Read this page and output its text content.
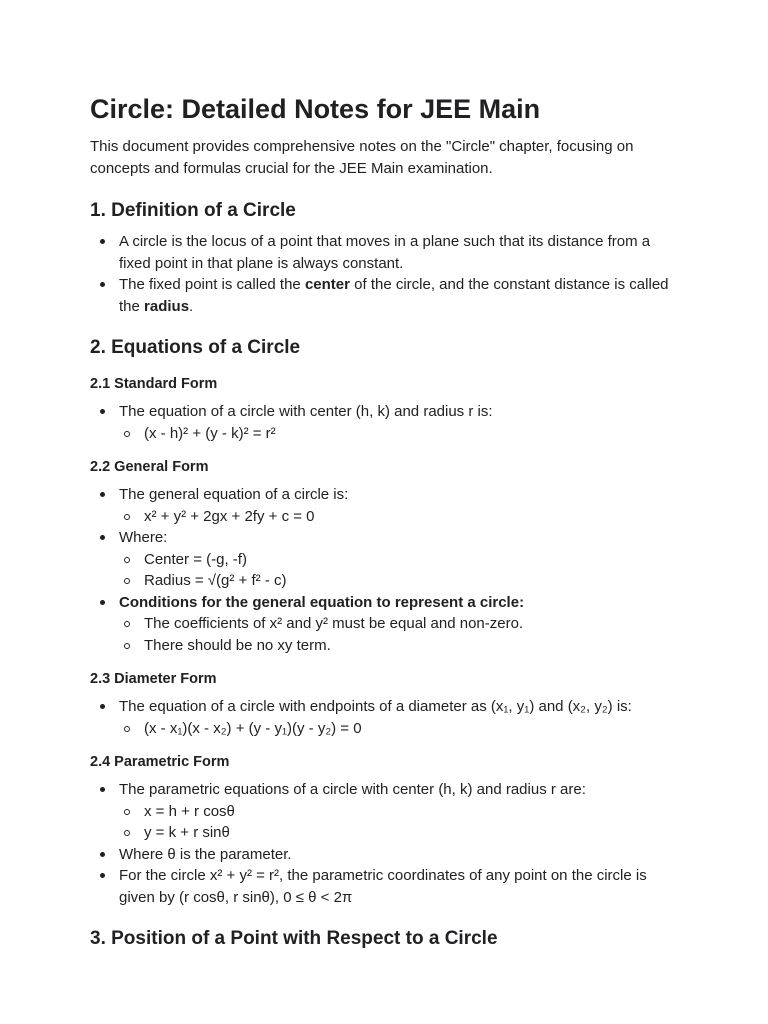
Circle: Detailed Notes for JEE Main

This document provides comprehensive notes on the "Circle" chapter, focusing on concepts and formulas crucial for the JEE Main examination.

1. Definition of a Circle
A circle is the locus of a point that moves in a plane such that its distance from a fixed point in that plane is always constant.
The fixed point is called the center of the circle, and the constant distance is called the radius.
2. Equations of a Circle
2.1 Standard Form
The equation of a circle with center (h, k) and radius r is:
(x - h)² + (y - k)² = r²
2.2 General Form
The general equation of a circle is:
x² + y² + 2gx + 2fy + c = 0
Where:
Center = (-g, -f)
Radius = √(g² + f² - c)
Conditions for the general equation to represent a circle:
The coefficients of x² and y² must be equal and non-zero.
There should be no xy term.
2.3 Diameter Form
The equation of a circle with endpoints of a diameter as (x₁, y₁) and (x₂, y₂) is:
(x - x₁)(x - x₂) + (y - y₁)(y - y₂) = 0
2.4 Parametric Form
The parametric equations of a circle with center (h, k) and radius r are:
x = h + r cosθ
y = k + r sinθ
Where θ is the parameter.
For the circle x² + y² = r², the parametric coordinates of any point on the circle is given by (r cosθ, r sinθ), 0 ≤ θ < 2π
3. Position of a Point with Respect to a Circle
